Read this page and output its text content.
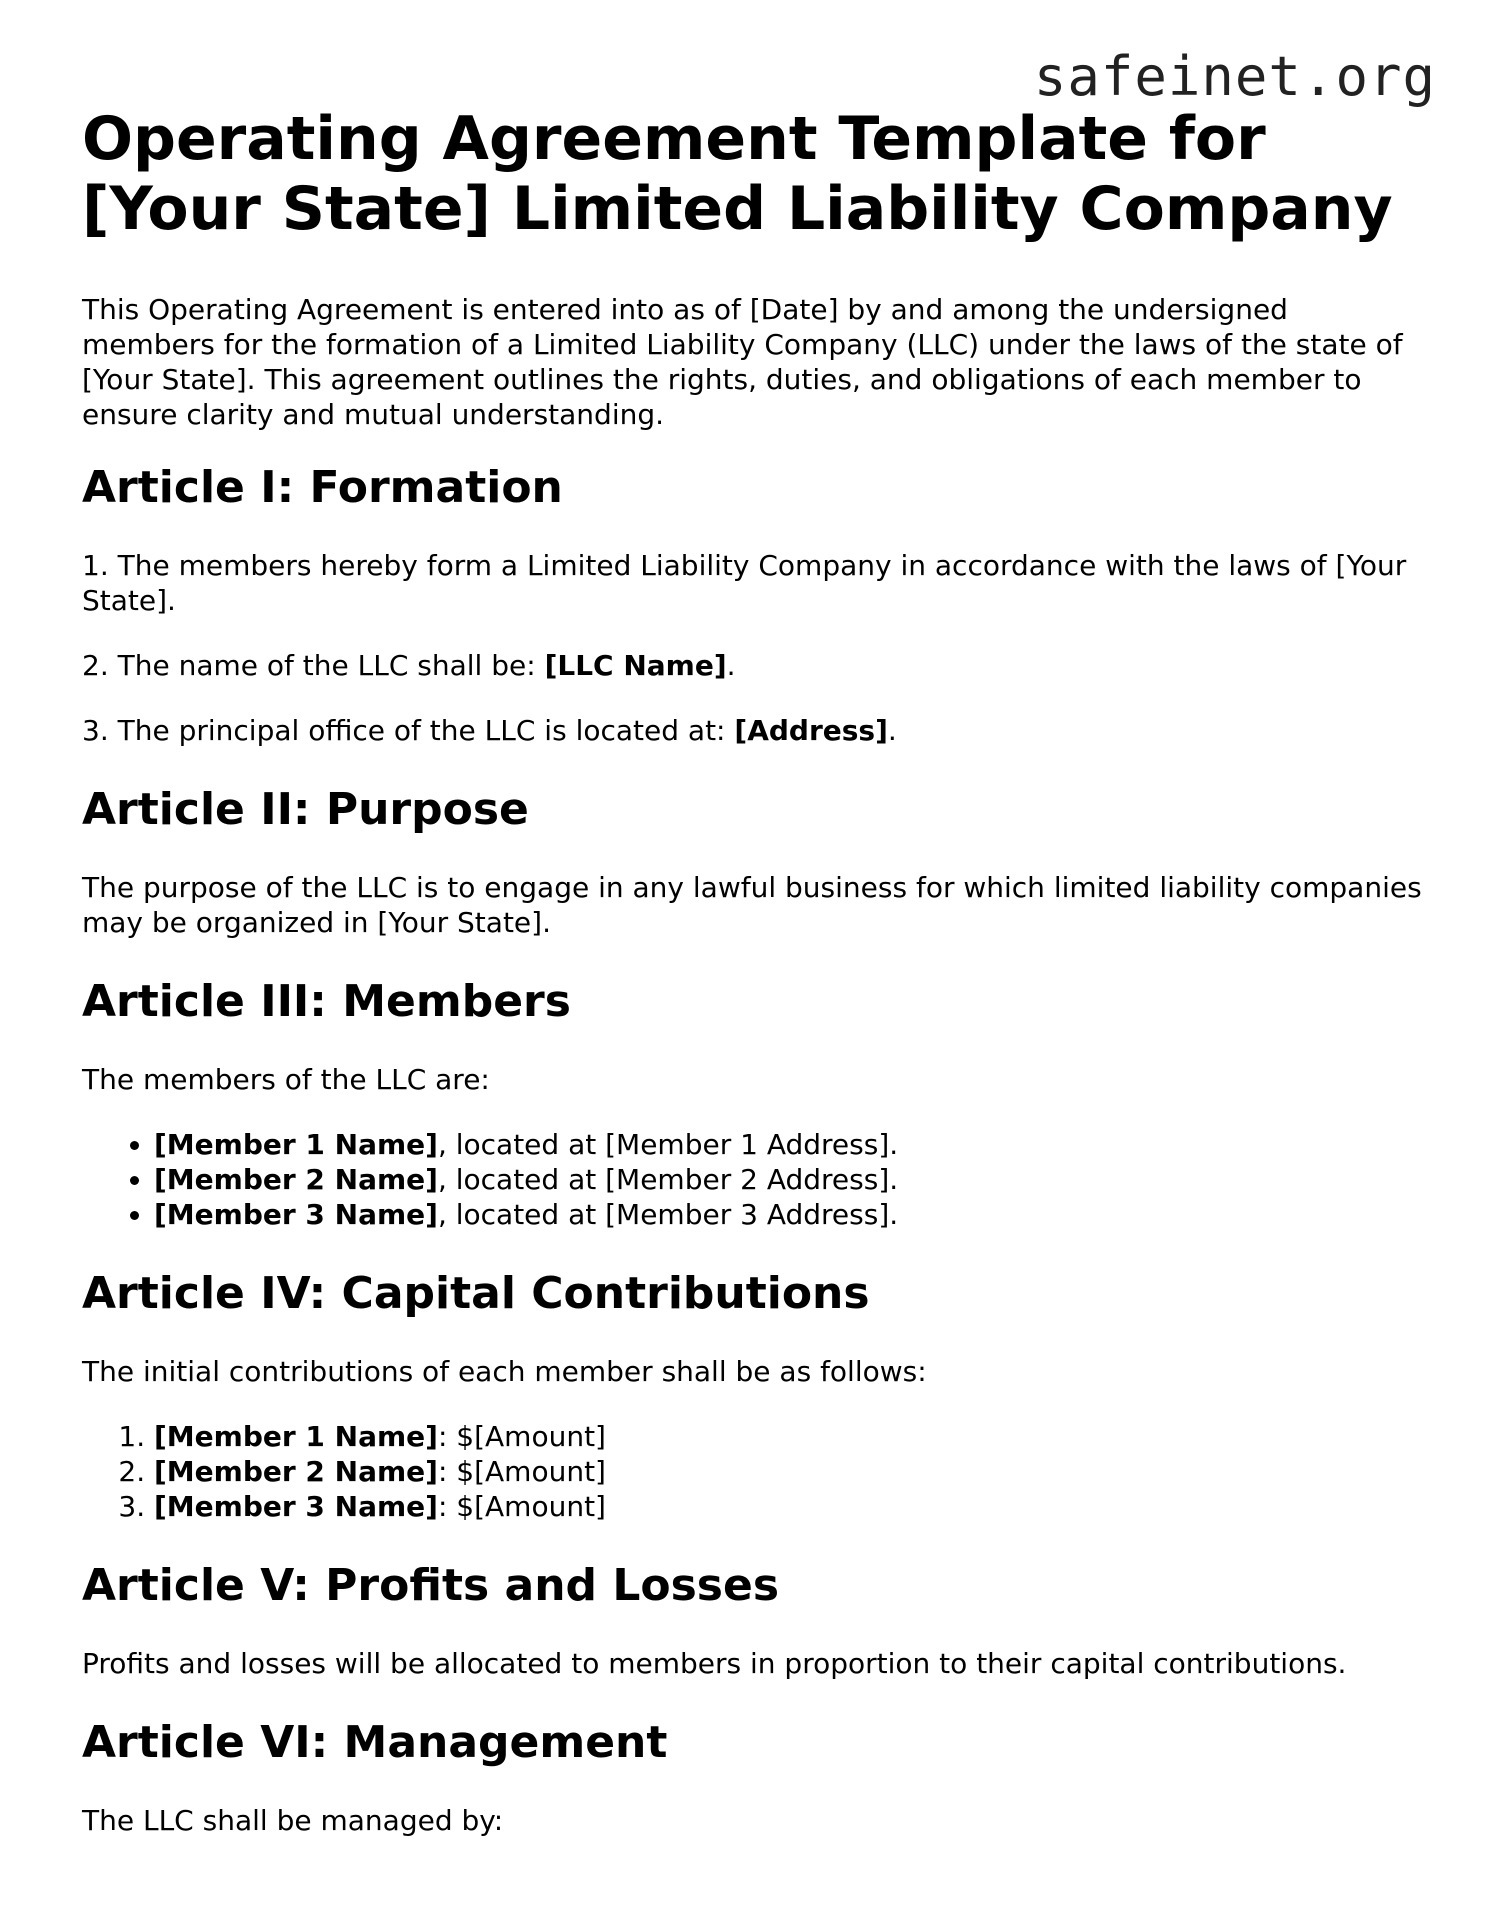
safeinet.org
Operating Agreement Template for [Your State] Limited Liability Company

This Operating Agreement is entered into as of [Date] by and among the undersigned members for the formation of a Limited Liability Company (LLC) under the laws of the state of [Your State]. This agreement outlines the rights, duties, and obligations of each member to ensure clarity and mutual understanding.

Article I: Formation

1. The members hereby form a Limited Liability Company in accordance with the laws of [Your State].

2. The name of the LLC shall be: [LLC Name].

3. The principal office of the LLC is located at: [Address].

Article II: Purpose

The purpose of the LLC is to engage in any lawful business for which limited liability companies may be organized in [Your State].

Article III: Members

The members of the LLC are:

• [Member 1 Name], located at [Member 1 Address].
• [Member 2 Name], located at [Member 2 Address].
• [Member 3 Name], located at [Member 3 Address].
Article IV: Capital Contributions

The initial contributions of each member shall be as follows:

1. [Member 1 Name]: $[Amount]
2. [Member 2 Name]: $[Amount]
3. [Member 3 Name]: $[Amount]
Article V: Profits and Losses

Profits and losses will be allocated to members in proportion to their capital contributions.

Article VI: Management

The LLC shall be managed by:
